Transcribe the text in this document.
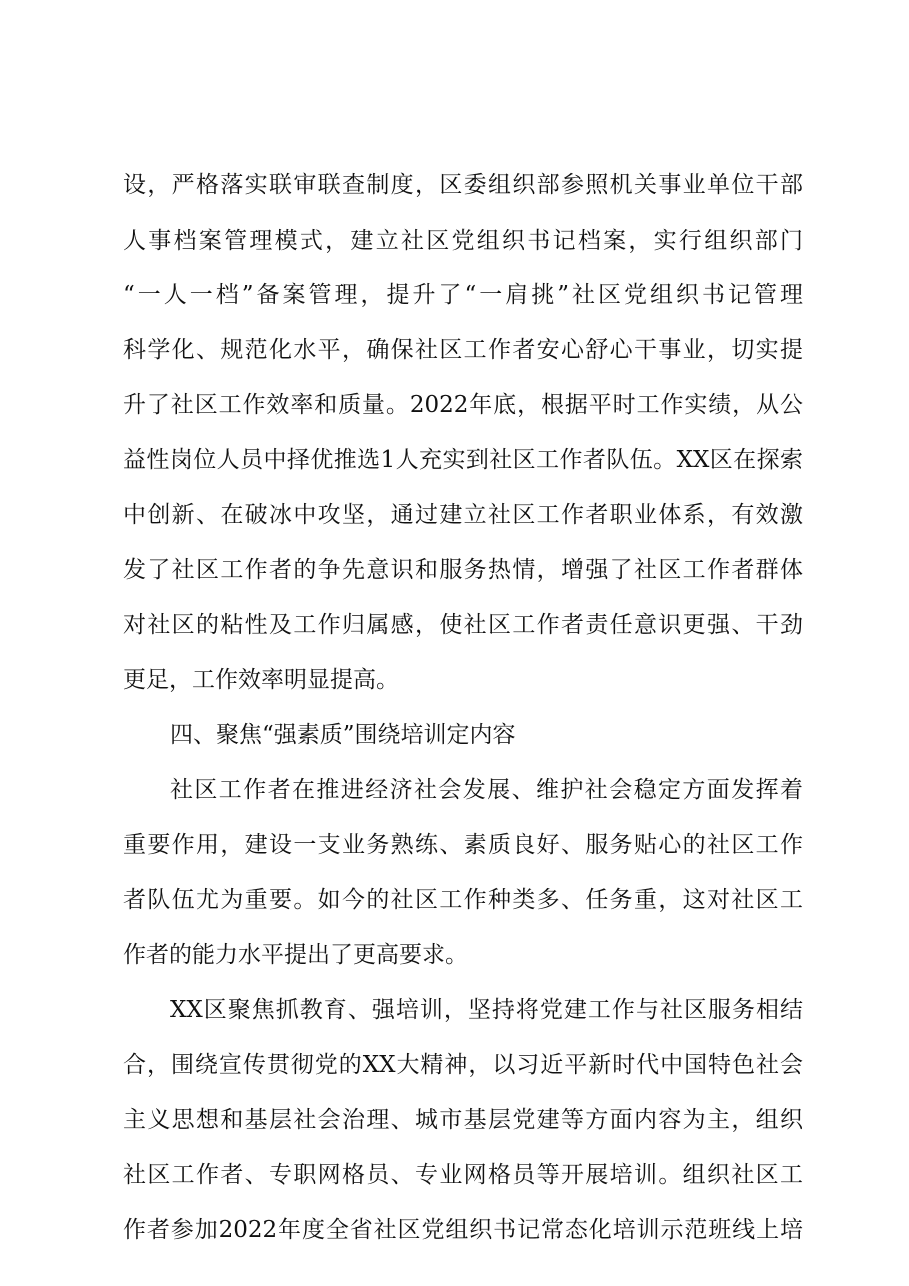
设，严格落实联审联查制度，区委组织部参照机关事业单位干部
人事档案管理模式，建立社区党组织书记档案，实行组织部门
“一人一档”备案管理，提升了“一肩挑”社区党组织书记管理
科学化、规范化水平，确保社区工作者安心舒心干事业，切实提
升了社区工作效率和质量。2022年底，根据平时工作实绩，从公
益性岗位人员中择优推选1人充实到社区工作者队伍。XX区在探索
中创新、在破冰中攻坚，通过建立社区工作者职业体系，有效激
发了社区工作者的争先意识和服务热情，增强了社区工作者群体
对社区的粘性及工作归属感，使社区工作者责任意识更强、干劲
更足，工作效率明显提高。
四、聚焦“强素质”围绕培训定内容
社区工作者在推进经济社会发展、维护社会稳定方面发挥着
重要作用，建设一支业务熟练、素质良好、服务贴心的社区工作
者队伍尤为重要。如今的社区工作种类多、任务重，这对社区工
作者的能力水平提出了更高要求。
XX区聚焦抓教育、强培训，坚持将党建工作与社区服务相结
合，围绕宣传贯彻党的XX大精神，以习近平新时代中国特色社会
主义思想和基层社会治理、城市基层党建等方面内容为主，组织
社区工作者、专职网格员、专业网格员等开展培训。组织社区工
作者参加2022年度全省社区党组织书记常态化培训示范班线上培
